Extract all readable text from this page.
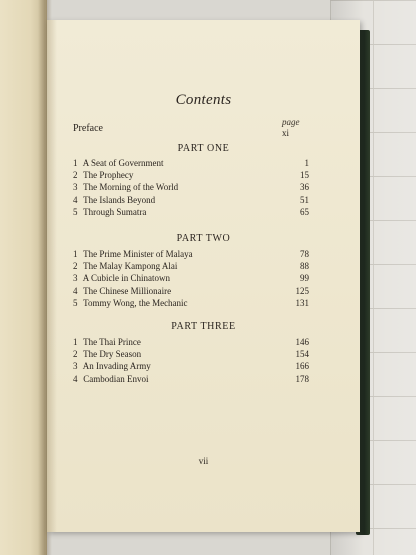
Contents
page
Preface	xi
PART ONE
1 A Seat of Government	1
2 The Prophecy	15
3 The Morning of the World	36
4 The Islands Beyond	51
5 Through Sumatra	65
PART TWO
1 The Prime Minister of Malaya	78
2 The Malay Kampong Alai	88
3 A Cubicle in Chinatown	99
4 The Chinese Millionaire	125
5 Tommy Wong, the Mechanic	131
PART THREE
1 The Thai Prince	146
2 The Dry Season	154
3 An Invading Army	166
4 Cambodian Envoi	178
vii
